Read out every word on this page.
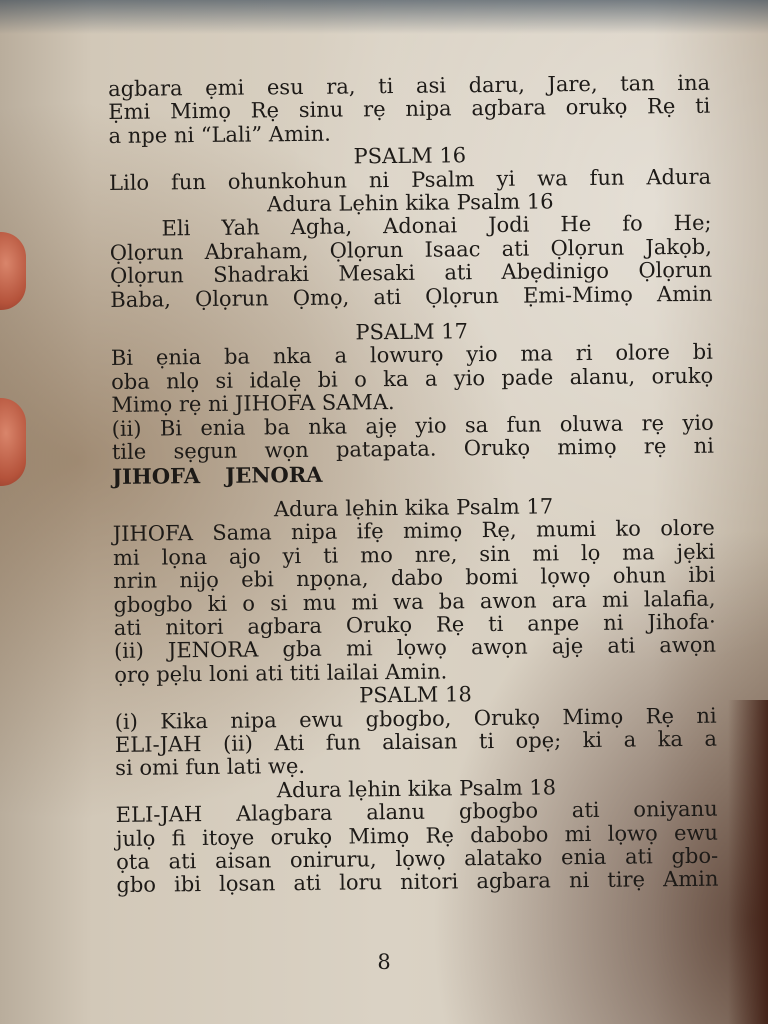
agbara ẹmi esu ra, ti asi daru, Jare, tan ina
Ẹmi Mimọ Rẹ sinu rẹ nipa agbara orukọ Rẹ ti
a npe ni “Lali” Amin.
PSALM 16
Lilo fun ohunkohun ni Psalm yi wa fun Adura
Adura Lẹhin kika Psalm 16
Eli Yah Agha, Adonai Jodi He fo He;
Ọlọrun Abraham, Ọlọrun Isaac ati Ọlọrun Jakọb,
Ọlọrun Shadraki Mesaki ati Abẹdinigo Ọlọrun
Baba, Ọlọrun Ọmọ, ati Ọlọrun Ẹmi-Mimọ Amin
PSALM 17
Bi ẹnia ba nka a lowurọ yio ma ri olore bi
oba nlọ si idalẹ bi o ka a yio pade alanu, orukọ
Mimọ rẹ ni JIHOFA SAMA.
(ii) Bi enia ba nka ajẹ yio sa fun oluwa rẹ yio
tile sẹgun wọn patapata. Orukọ mimọ rẹ ni
JIHOFA JENORA
Adura lẹhin kika Psalm 17
JIHOFA Sama nipa ifẹ mimọ Rẹ, mumi ko olore
mi lọna ajo yi ti mo nre, sin mi lọ ma jẹki
nrin nijọ ebi npọna, dabo bomi lọwọ ohun ibi
gbogbo ki o si mu mi wa ba awon ara mi lalafia,
ati nitori agbara Orukọ Rẹ ti anpe ni Jihofa·
(ii) JENORA gba mi lọwọ awọn ajẹ ati awọn
ọrọ pẹlu loni ati titi lailai Amin.
PSALM 18
(i) Kika nipa ewu gbogbo, Orukọ Mimọ Rẹ ni
ELI-JAH (ii) Ati fun alaisan ti opẹ; ki a ka a
si omi fun lati wẹ.
Adura lẹhin kika Psalm 18
ELI-JAH Alagbara alanu gbogbo ati oniyanu
julọ fi itoye orukọ Mimọ Rẹ dabobo mi lọwọ ewu
ọta ati aisan oniruru, lọwọ alatako enia ati gbo-
gbo ibi lọsan ati loru nitori agbara ni tirẹ Amin
8
